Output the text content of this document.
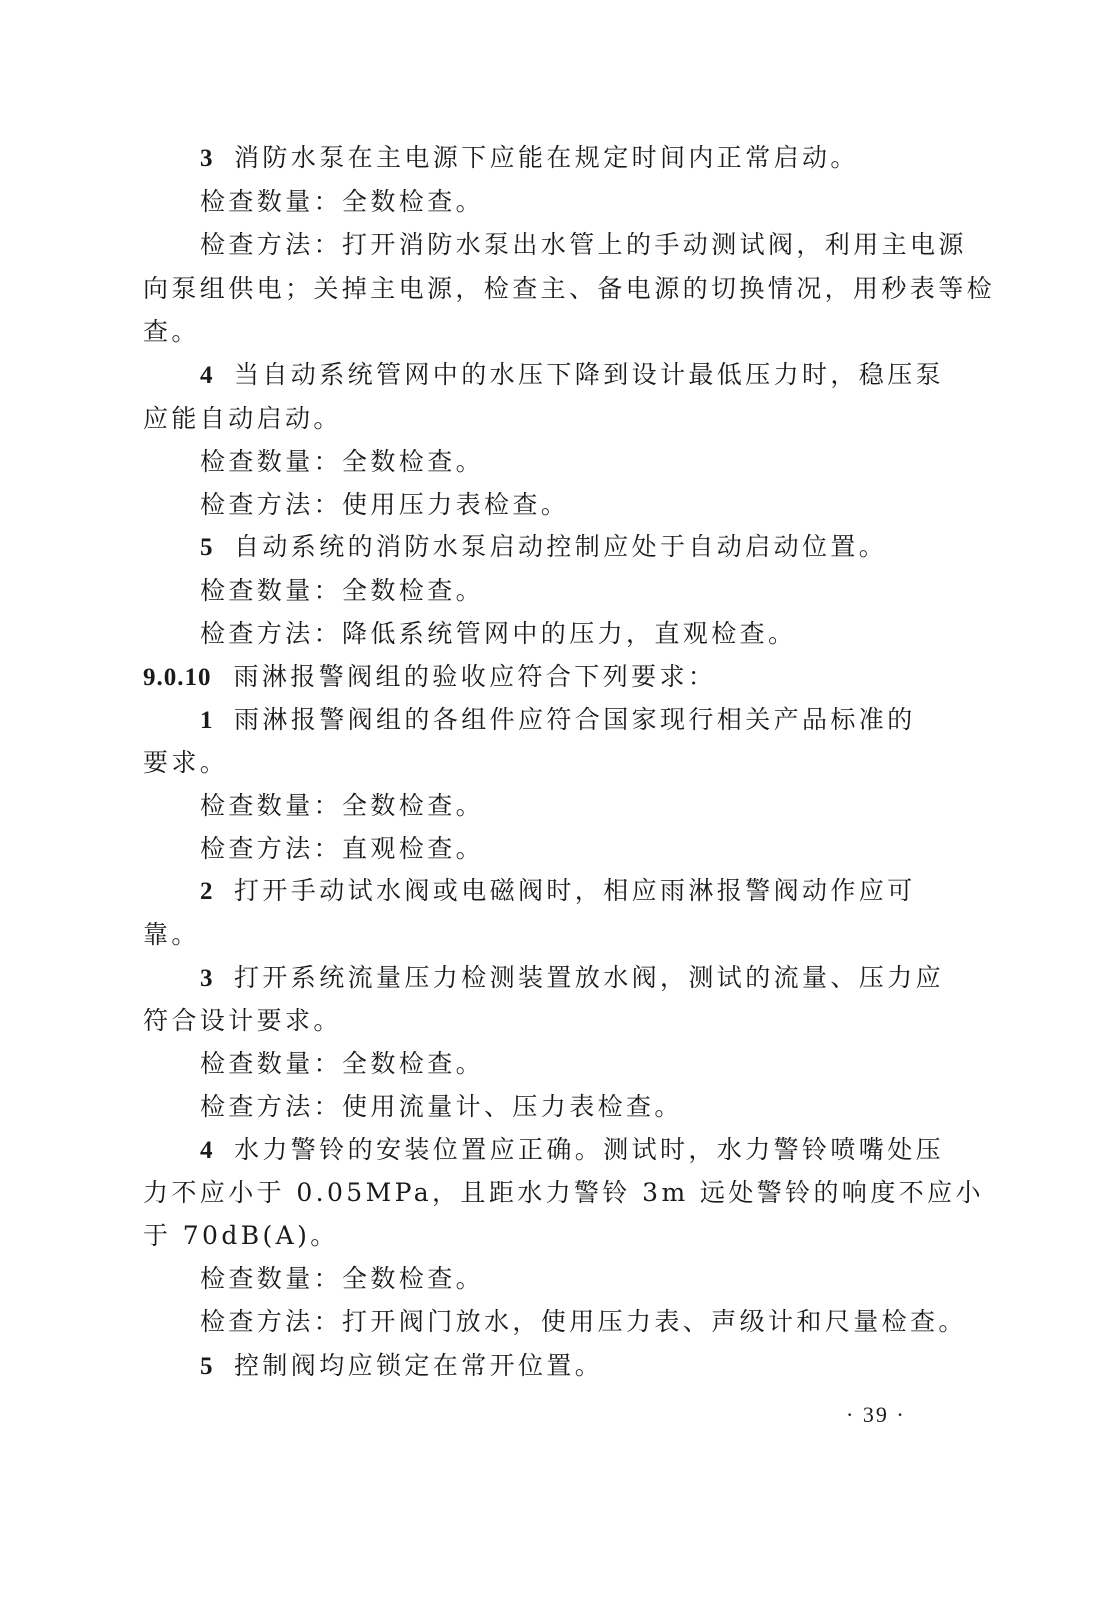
3 消防水泵在主电源下应能在规定时间内正常启动。
检查数量：全数检查。
检查方法：打开消防水泵出水管上的手动测试阀，利用主电源
向泵组供电；关掉主电源，检查主、备电源的切换情况，用秒表等检
查。
4 当自动系统管网中的水压下降到设计最低压力时，稳压泵
应能自动启动。
检查数量：全数检查。
检查方法：使用压力表检查。
5 自动系统的消防水泵启动控制应处于自动启动位置。
检查数量：全数检查。
检查方法：降低系统管网中的压力，直观检查。
9.0.10 雨淋报警阀组的验收应符合下列要求：
1 雨淋报警阀组的各组件应符合国家现行相关产品标准的
要求。
检查数量：全数检查。
检查方法：直观检查。
2 打开手动试水阀或电磁阀时，相应雨淋报警阀动作应可
靠。
3 打开系统流量压力检测装置放水阀，测试的流量、压力应
符合设计要求。
检查数量：全数检查。
检查方法：使用流量计、压力表检查。
4 水力警铃的安装位置应正确。测试时，水力警铃喷嘴处压
力不应小于 0.05MPa，且距水力警铃 3m 远处警铃的响度不应小
于 70dB(A)。
检查数量：全数检查。
检查方法：打开阀门放水，使用压力表、声级计和尺量检查。
5 控制阀均应锁定在常开位置。
· 39 ·
